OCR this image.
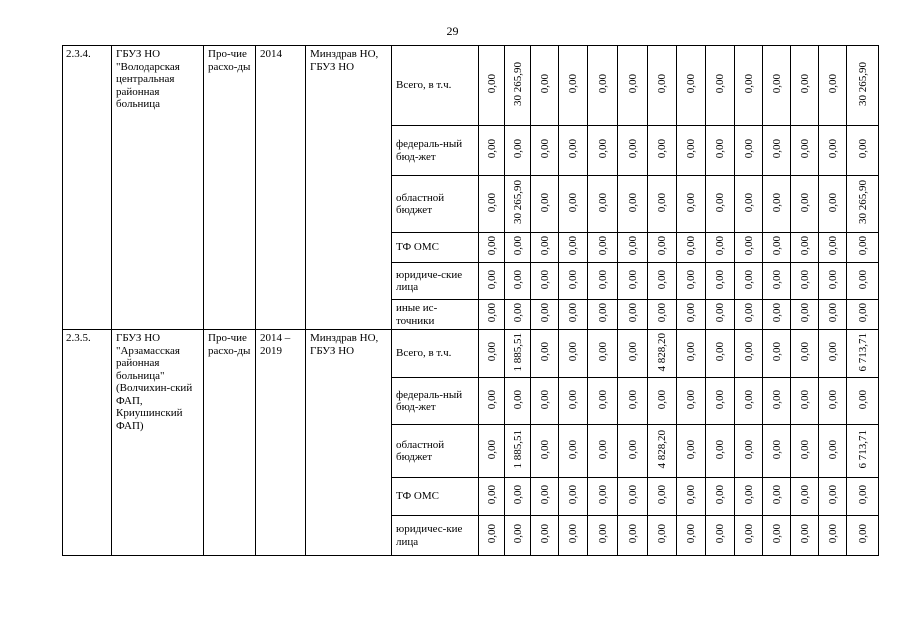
29
2.3.4.	ГБУЗ НО "Володарская центральная районная больница	Про-чие расхо-ды	2014	Минздрав НО, ГБУЗ НО	Всего, в т.ч.	0,00	30 265,90	0,00	0,00	0,00	0,00	0,00	0,00	0,00	0,00	0,00	0,00	0,00	30 265,90
					федераль-ный бюд-жет	0,00	0,00	0,00	0,00	0,00	0,00	0,00	0,00	0,00	0,00	0,00	0,00	0,00	0,00
					областной бюджет	0,00	30 265,90	0,00	0,00	0,00	0,00	0,00	0,00	0,00	0,00	0,00	0,00	0,00	30 265,90
					ТФ ОМС	0,00	0,00	0,00	0,00	0,00	0,00	0,00	0,00	0,00	0,00	0,00	0,00	0,00	0,00
					юридиче-ские лица	0,00	0,00	0,00	0,00	0,00	0,00	0,00	0,00	0,00	0,00	0,00	0,00	0,00	0,00
					иные ис-точники	0,00	0,00	0,00	0,00	0,00	0,00	0,00	0,00	0,00	0,00	0,00	0,00	0,00	0,00
2.3.5.	ГБУЗ НО "Арзамасская районная больница" (Волчихин-ский ФАП, Криушинский ФАП)	Про-чие расхо-ды	2014 – 2019	Минздрав НО, ГБУЗ НО	Всего, в т.ч.	0,00	1 885,51	0,00	0,00	0,00	0,00	4 828,20	0,00	0,00	0,00	0,00	0,00	0,00	6 713,71
					федераль-ный бюд-жет	0,00	0,00	0,00	0,00	0,00	0,00	0,00	0,00	0,00	0,00	0,00	0,00	0,00	0,00
					областной бюджет	0,00	1 885,51	0,00	0,00	0,00	0,00	4 828,20	0,00	0,00	0,00	0,00	0,00	0,00	6 713,71
					ТФ ОМС	0,00	0,00	0,00	0,00	0,00	0,00	0,00	0,00	0,00	0,00	0,00	0,00	0,00	0,00
					юридичес-кие лица	0,00	0,00	0,00	0,00	0,00	0,00	0,00	0,00	0,00	0,00	0,00	0,00	0,00	0,00
